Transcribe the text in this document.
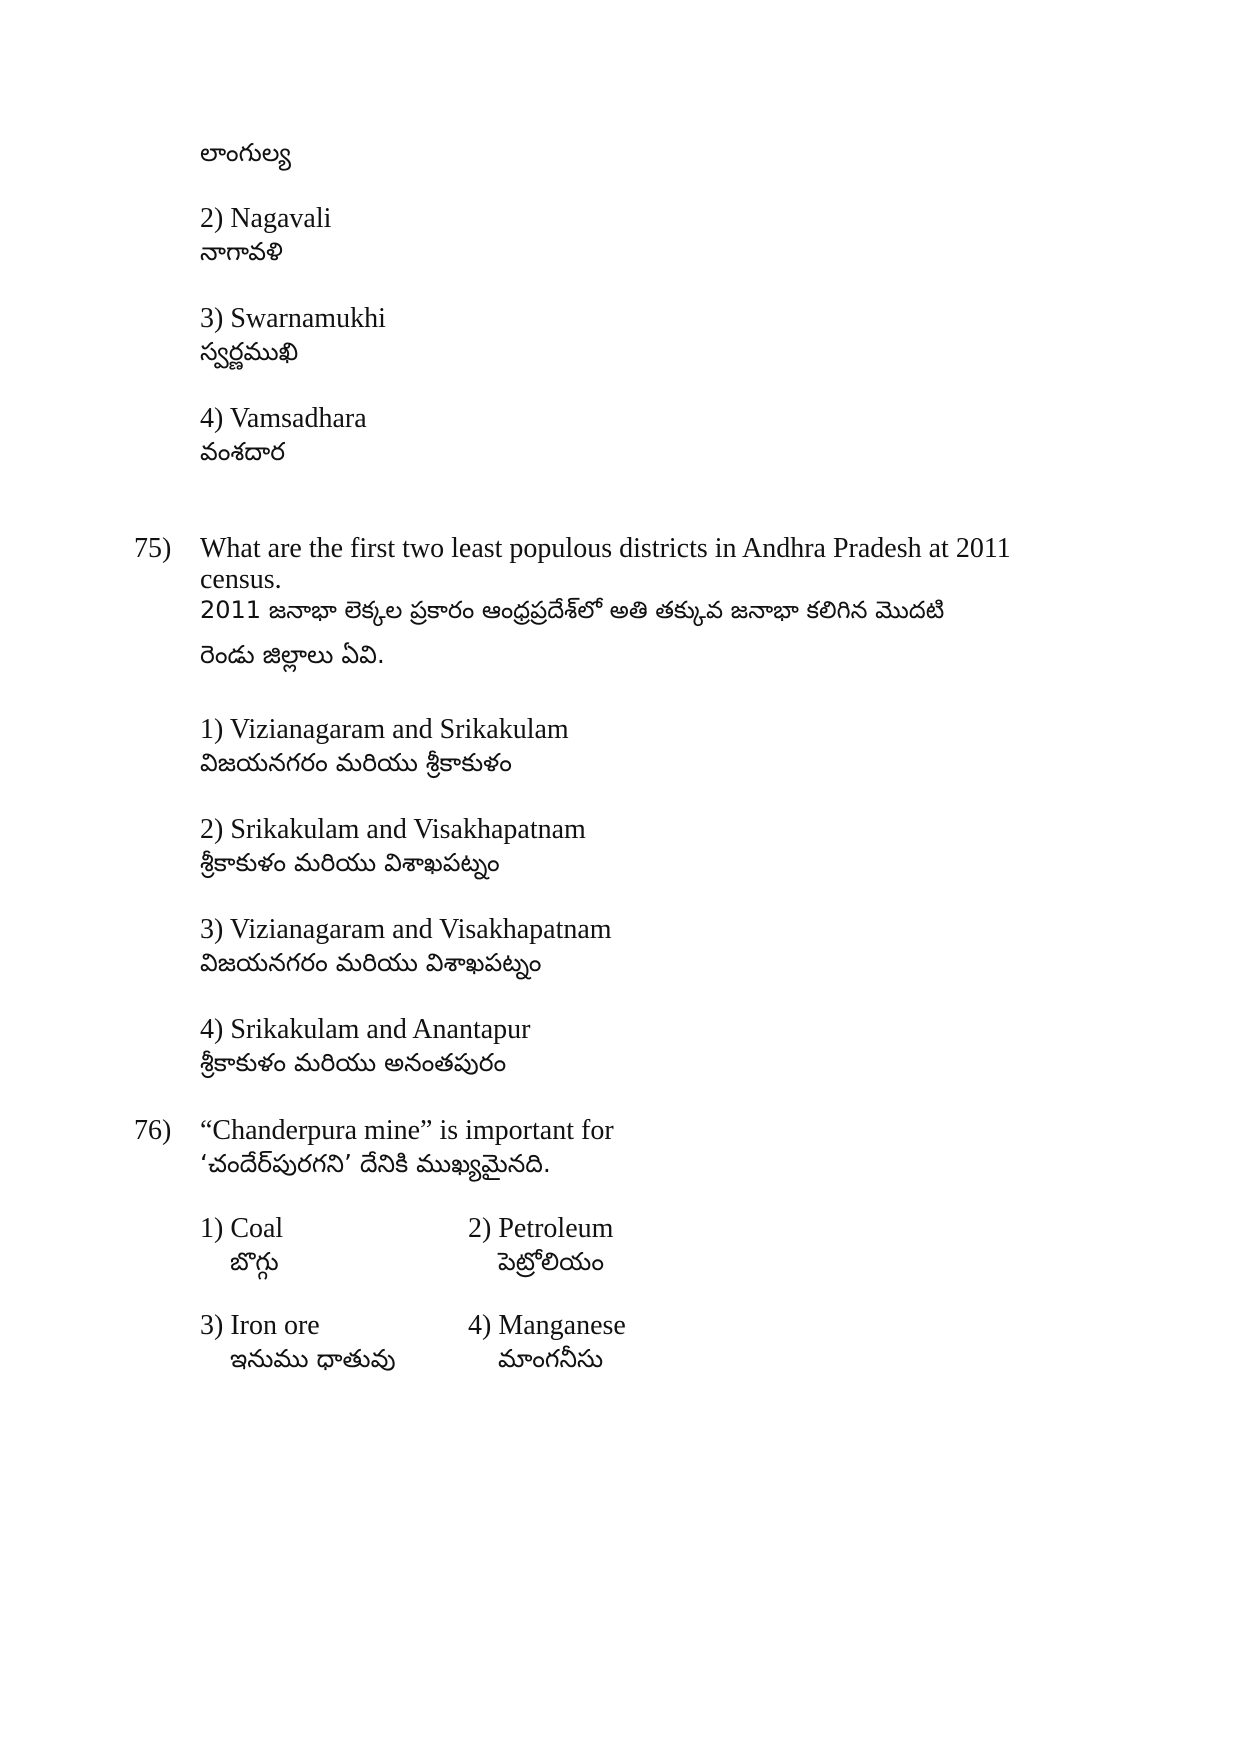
లాంగుల్య
2) Nagavali
నాగావళి
3) Swarnamukhi
స్వర్ణముఖి
4) Vamsadhara
వంశదార
75) What are the first two least populous districts in Andhra Pradesh at 2011
census.
2011 జనాభా లెక్కల ప్రకారం ఆంధ్రప్రదేశ్‌లో అతి తక్కువ జనాభా కలిగిన మొదటి
రెండు జిల్లాలు ఏవి.
1) Vizianagaram and Srikakulam
విజయనగరం మరియు శ్రీకాకుళం
2) Srikakulam and Visakhapatnam
శ్రీకాకుళం మరియు విశాఖపట్నం
3) Vizianagaram and Visakhapatnam
విజయనగరం మరియు విశాఖపట్నం
4) Srikakulam and Anantapur
శ్రీకాకుళం మరియు అనంతపురం
76) “Chanderpura mine” is important for
‘చందేర్‌పురగని’ దేనికి ముఖ్యమైనది.
1) Coal
బొగ్గు
2) Petroleum
పెట్రోలియం
3) Iron ore
ఇనుము ధాతువు
4) Manganese
మాంగనీసు
